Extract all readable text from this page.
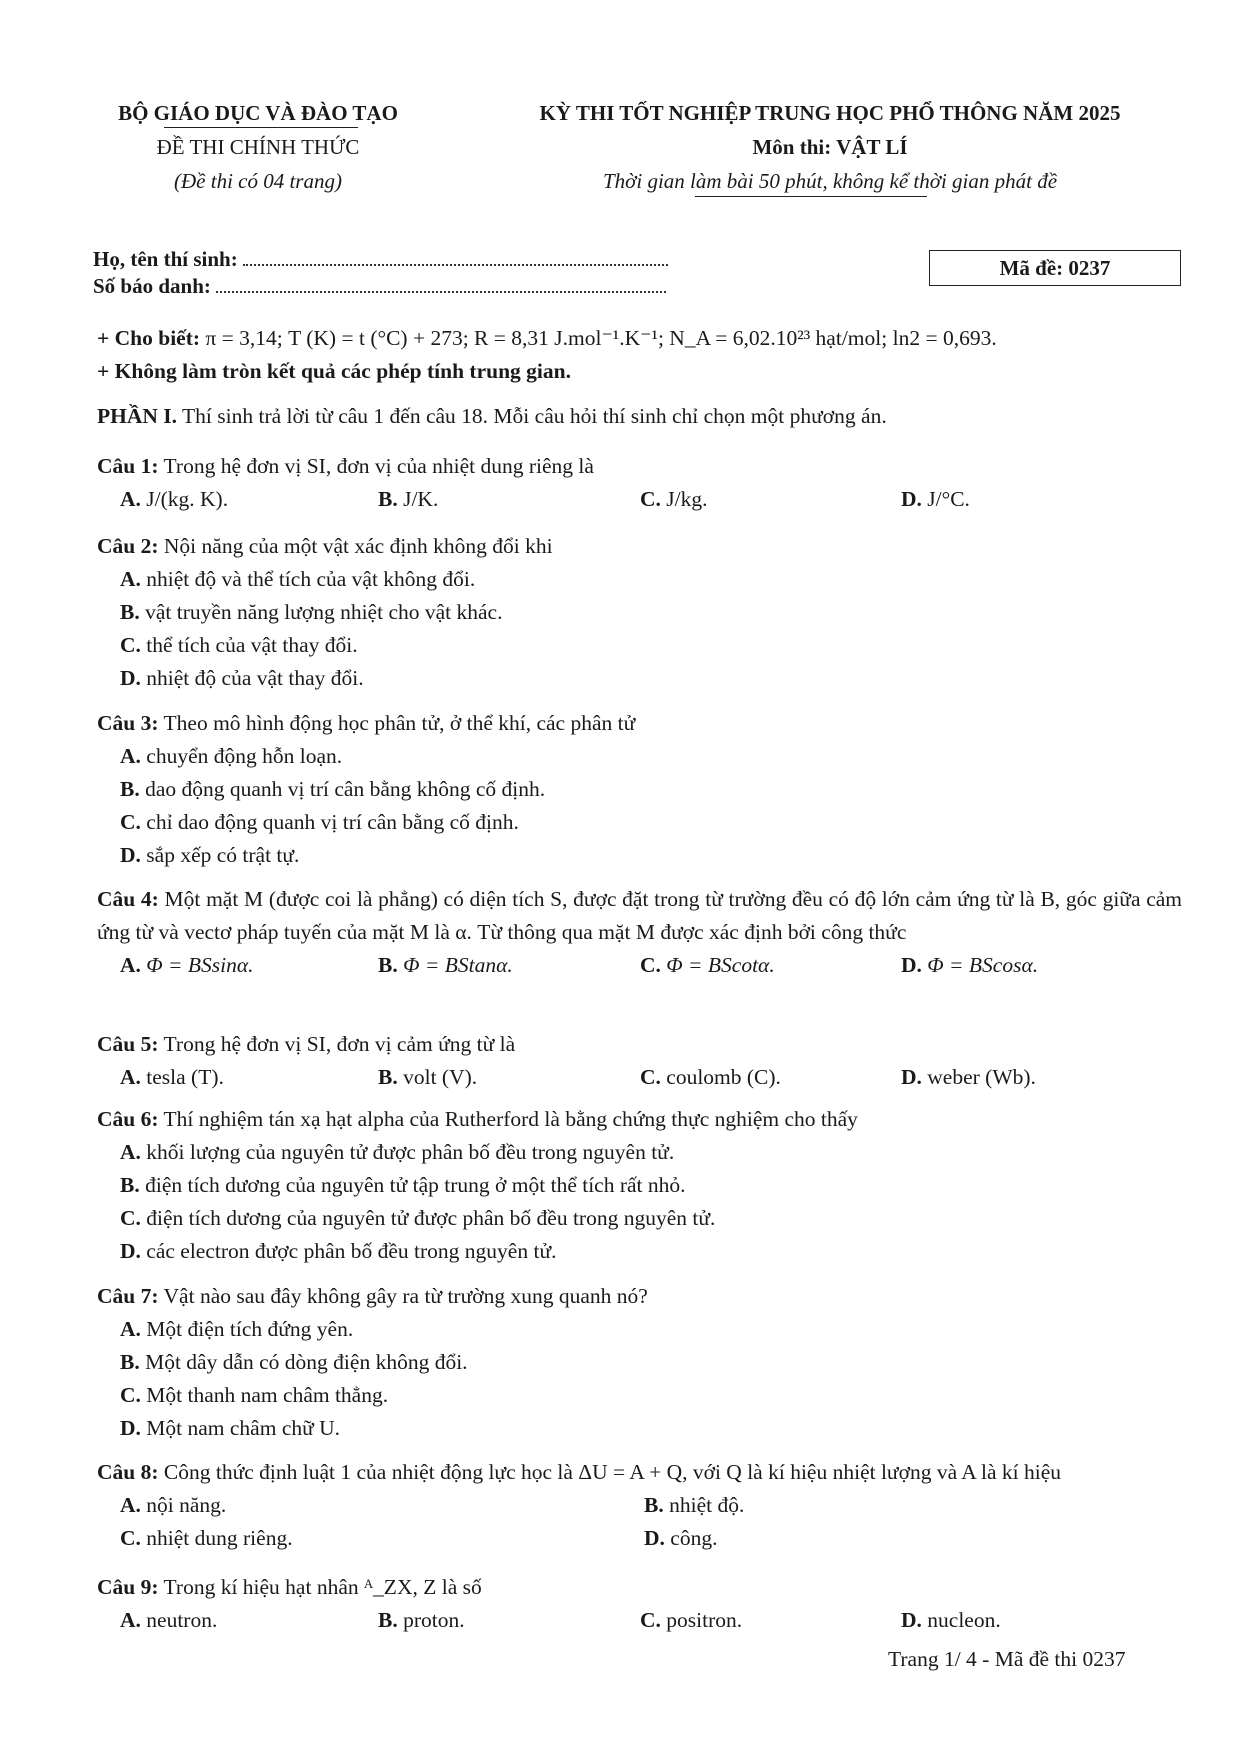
BỘ GIÁO DỤC VÀ ĐÀO TẠO
ĐỀ THI CHÍNH THỨC
(Đề thi có 04 trang)
KỲ THI TỐT NGHIỆP TRUNG HỌC PHỔ THÔNG NĂM 2025
Môn thi: VẬT LÍ
Thời gian làm bài 50 phút, không kể thời gian phát đề
Họ, tên thí sinh:
Số báo danh:
Mã đề: 0237
+ Cho biết: π = 3,14; T (K) = t (°C) + 273; R = 8,31 J.mol⁻¹.K⁻¹; N_A = 6,02.10²³ hạt/mol; ln2 = 0,693.
+ Không làm tròn kết quả các phép tính trung gian.
PHẦN I. Thí sinh trả lời từ câu 1 đến câu 18. Mỗi câu hỏi thí sinh chỉ chọn một phương án.
Câu 1: Trong hệ đơn vị SI, đơn vị của nhiệt dung riêng là
A. J/(kg. K).	B. J/K.	C. J/kg.	D. J/°C.
Câu 2: Nội năng của một vật xác định không đổi khi
A. nhiệt độ và thể tích của vật không đổi.
B. vật truyền năng lượng nhiệt cho vật khác.
C. thể tích của vật thay đổi.
D. nhiệt độ của vật thay đổi.
Câu 3: Theo mô hình động học phân tử, ở thể khí, các phân tử
A. chuyển động hỗn loạn.
B. dao động quanh vị trí cân bằng không cố định.
C. chỉ dao động quanh vị trí cân bằng cố định.
D. sắp xếp có trật tự.
Câu 4: Một mặt M (được coi là phẳng) có diện tích S, được đặt trong từ trường đều có độ lớn cảm ứng từ là B, góc giữa cảm ứng từ và vectơ pháp tuyến của mặt M là α. Từ thông qua mặt M được xác định bởi công thức
A. Φ = BSsinα.	B. Φ = BStanα.	C. Φ = BScotα.	D. Φ = BScosα.
Câu 5: Trong hệ đơn vị SI, đơn vị cảm ứng từ là
A. tesla (T).	B. volt (V).	C. coulomb (C).	D. weber (Wb).
Câu 6: Thí nghiệm tán xạ hạt alpha của Rutherford là bằng chứng thực nghiệm cho thấy
A. khối lượng của nguyên tử được phân bố đều trong nguyên tử.
B. điện tích dương của nguyên tử tập trung ở một thể tích rất nhỏ.
C. điện tích dương của nguyên tử được phân bố đều trong nguyên tử.
D. các electron được phân bố đều trong nguyên tử.
Câu 7: Vật nào sau đây không gây ra từ trường xung quanh nó?
A. Một điện tích đứng yên.
B. Một dây dẫn có dòng điện không đổi.
C. Một thanh nam châm thẳng.
D. Một nam châm chữ U.
Câu 8: Công thức định luật 1 của nhiệt động lực học là ΔU = A + Q, với Q là kí hiệu nhiệt lượng và A là kí hiệu
A. nội năng.	B. nhiệt độ.
C. nhiệt dung riêng.	D. công.
Câu 9: Trong kí hiệu hạt nhân ᴬ_ZX, Z là số
A. neutron.	B. proton.	C. positron.	D. nucleon.
Trang 1/ 4 - Mã đề thi 0237
